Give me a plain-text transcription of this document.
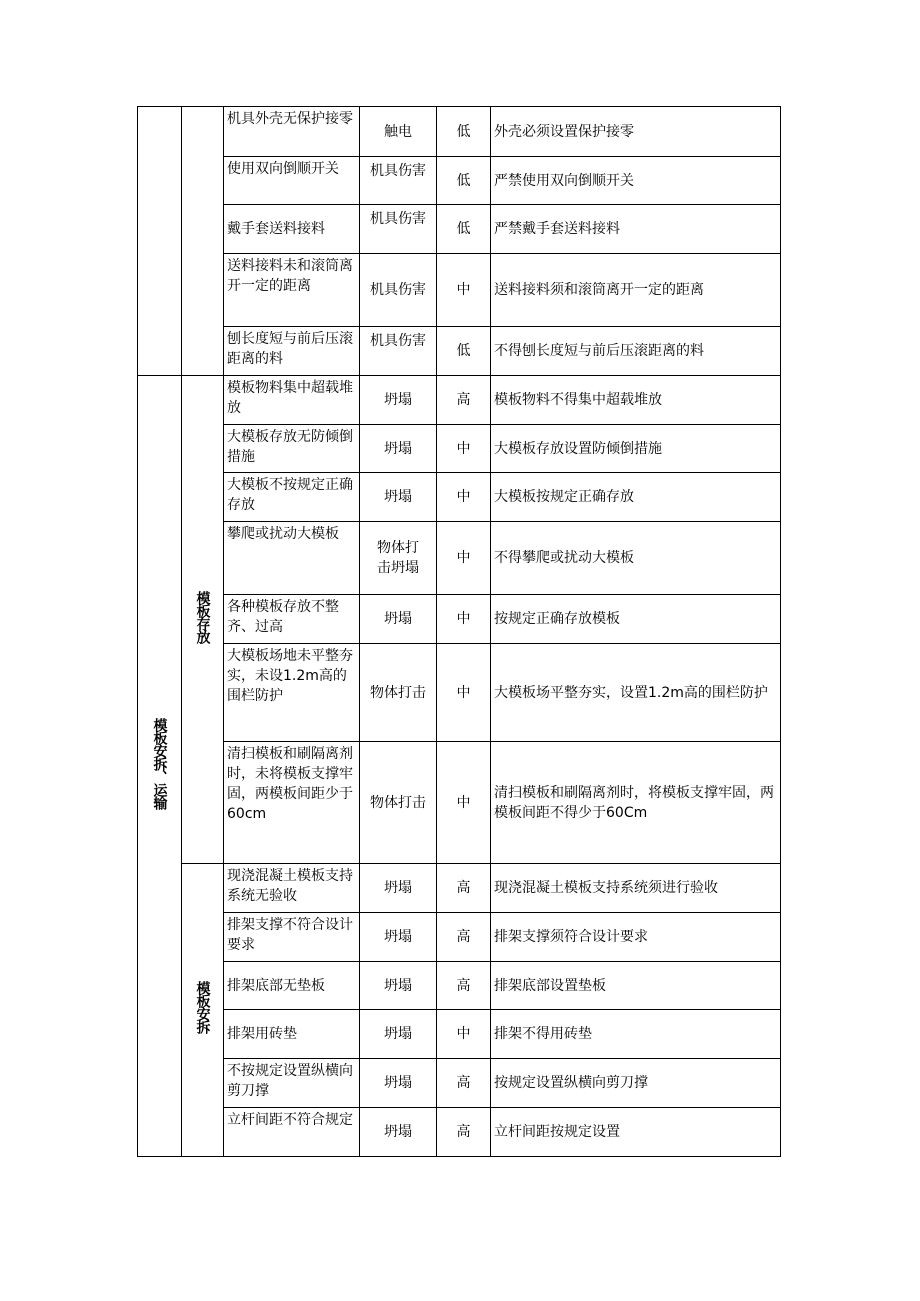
		机具外壳无保护接零	触电	低	外壳必须设置保护接零
		使用双向倒顺开关	机具伤害	低	严禁使用双向倒顺开关
		戴手套送料接料	机具伤害	低	严禁戴手套送料接料
		送料接料未和滚筒离开一定的距离	机具伤害	中	送料接料须和滚筒离开一定的距离
		刨长度短与前后压滚距离的料	机具伤害	低	不得刨长度短与前后压滚距离的料
模板安拆、运输	模板存放	模板物料集中超载堆放	坍塌	高	模板物料不得集中超载堆放
		大模板存放无防倾倒措施	坍塌	中	大模板存放设置防倾倒措施
		大模板不按规定正确存放	坍塌	中	大模板按规定正确存放
		攀爬或扰动大模板	物体打击坍塌	中	不得攀爬或扰动大模板
		各种模板存放不整齐、过高	坍塌	中	按规定正确存放模板
		大模板场地未平整夯实，未设1.2m高的围栏防护	物体打击	中	大模板场平整夯实，设置1.2m高的围栏防护
		清扫模板和刷隔离剂时，未将模板支撑牢固，两模板间距少于60cm	物体打击	中	清扫模板和刷隔离剂时，将模板支撑牢固，两模板间距不得少于60Cm
	模板安拆	现浇混凝土模板支持系统无验收	坍塌	高	现浇混凝土模板支持系统须进行验收
		排架支撑不符合设计要求	坍塌	高	排架支撑须符合设计要求
		排架底部无垫板	坍塌	高	排架底部设置垫板
		排架用砖垫	坍塌	中	排架不得用砖垫
		不按规定设置纵横向剪刀撑	坍塌	高	按规定设置纵横向剪刀撑
		立杆间距不符合规定	坍塌	高	立杆间距按规定设置
